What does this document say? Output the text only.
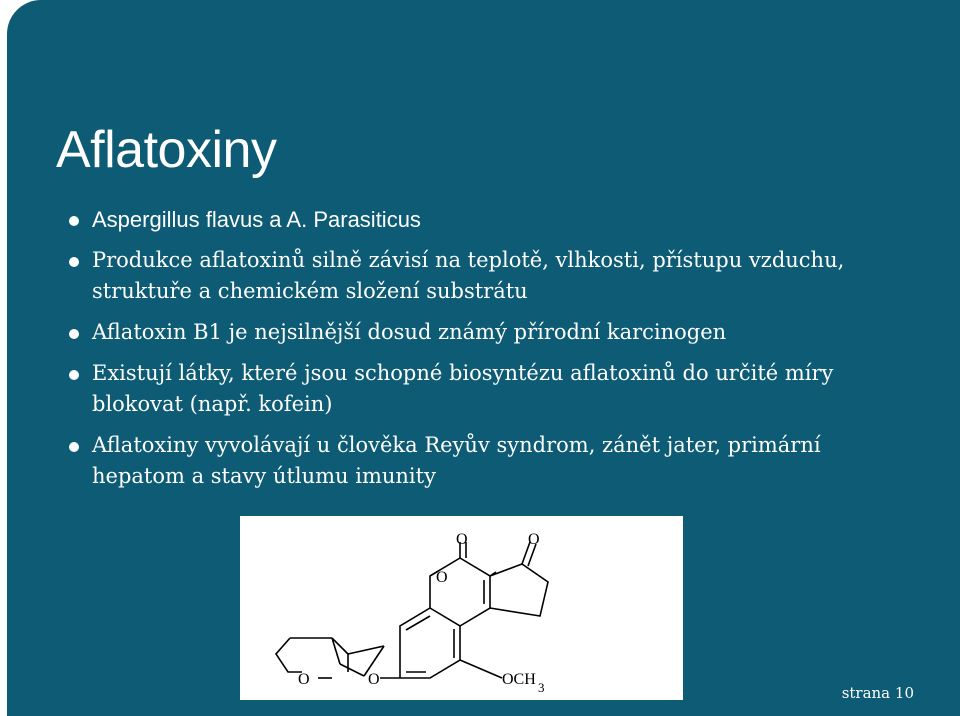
Aflatoxiny
Aspergillus flavus a A. Parasiticus
Produkce aflatoxinů silně závisí na teplotě, vlhkosti, přístupu vzduchu, struktuře a chemickém složení substrátu
Aflatoxin B1 je nejsilnější dosud známý přírodní karcinogen
Existují látky, které jsou schopné biosyntézu aflatoxinů do určité míry blokovat (např. kofein)
Aflatoxiny vyvolávají u člověka Reyův syndrom, zánět jater, primární hepatom a stavy útlumu imunity
O
O	O
O	O	OCH 3	strana 10
